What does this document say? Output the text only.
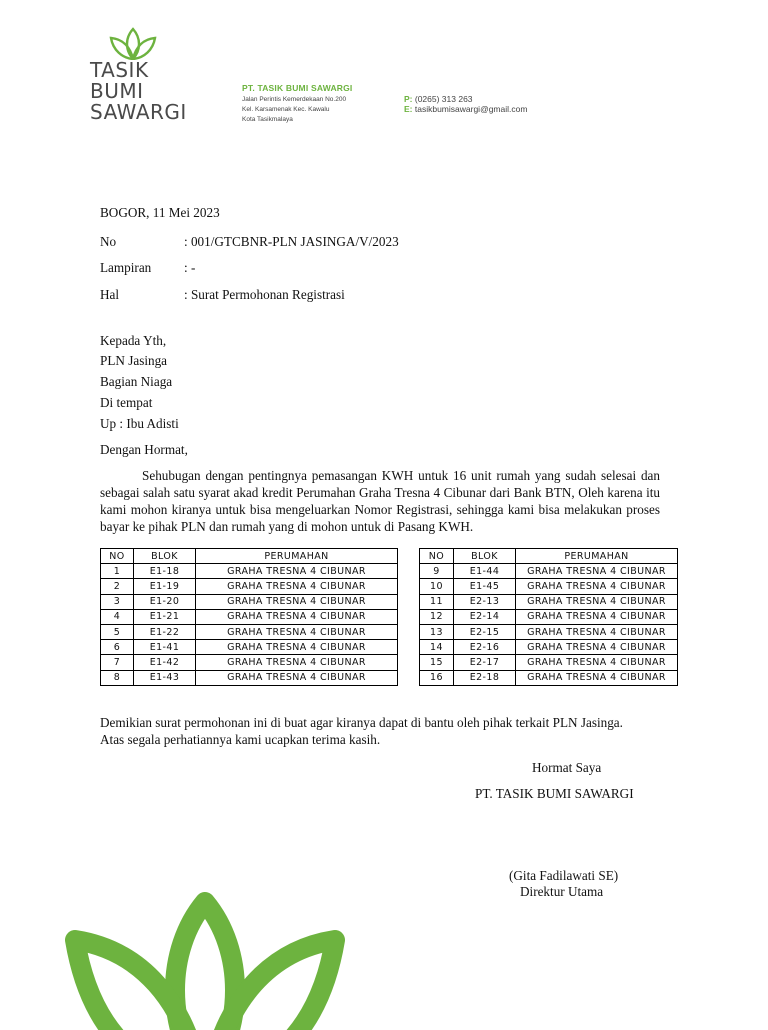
TASIK
BUMI
SAWARGI
PT. TASIK BUMI SAWARGI
Jalan Perintis Kemerdekaan No.200
Kel. Karsamenak Kec. Kawalu
Kota Tasikmalaya
P: (0265) 313 263
E: tasikbumisawargi@gmail.com
BOGOR, 11 Mei 2023
No	: 001/GTCBNR-PLN JASINGA/V/2023
Lampiran : -
Hal	: Surat Permohonan Registrasi
Kepada Yth,
PLN Jasinga
Bagian Niaga
Di tempat
Up : Ibu Adisti
Dengan Hormat,
Sehubugan dengan pentingnya pemasangan KWH untuk 16 unit rumah yang sudah selesai dan sebagai salah satu syarat akad kredit Perumahan Graha Tresna 4 Cibunar dari Bank BTN, Oleh karena itu kami mohon kiranya untuk bisa mengeluarkan Nomor Registrasi, sehingga kami bisa melakukan proses bayar ke pihak PLN dan rumah yang di mohon untuk di Pasang KWH.
NO	BLOK	PERUMAHAN
1	E1-18	GRAHA TRESNA 4 CIBUNAR
2	E1-19	GRAHA TRESNA 4 CIBUNAR
3	E1-20	GRAHA TRESNA 4 CIBUNAR
4	E1-21	GRAHA TRESNA 4 CIBUNAR
5	E1-22	GRAHA TRESNA 4 CIBUNAR
6	E1-41	GRAHA TRESNA 4 CIBUNAR
7	E1-42	GRAHA TRESNA 4 CIBUNAR
8	E1-43	GRAHA TRESNA 4 CIBUNAR
NO	BLOK	PERUMAHAN
9	E1-44	GRAHA TRESNA 4 CIBUNAR
10	E1-45	GRAHA TRESNA 4 CIBUNAR
11	E2-13	GRAHA TRESNA 4 CIBUNAR
12	E2-14	GRAHA TRESNA 4 CIBUNAR
13	E2-15	GRAHA TRESNA 4 CIBUNAR
14	E2-16	GRAHA TRESNA 4 CIBUNAR
15	E2-17	GRAHA TRESNA 4 CIBUNAR
16	E2-18	GRAHA TRESNA 4 CIBUNAR
Demikian surat permohonan ini di buat agar kiranya dapat di bantu oleh pihak terkait PLN Jasinga.
Atas segala perhatiannya kami ucapkan terima kasih.
Hormat Saya
PT. TASIK BUMI SAWARGI
(Gita Fadilawati SE)
Direktur Utama
